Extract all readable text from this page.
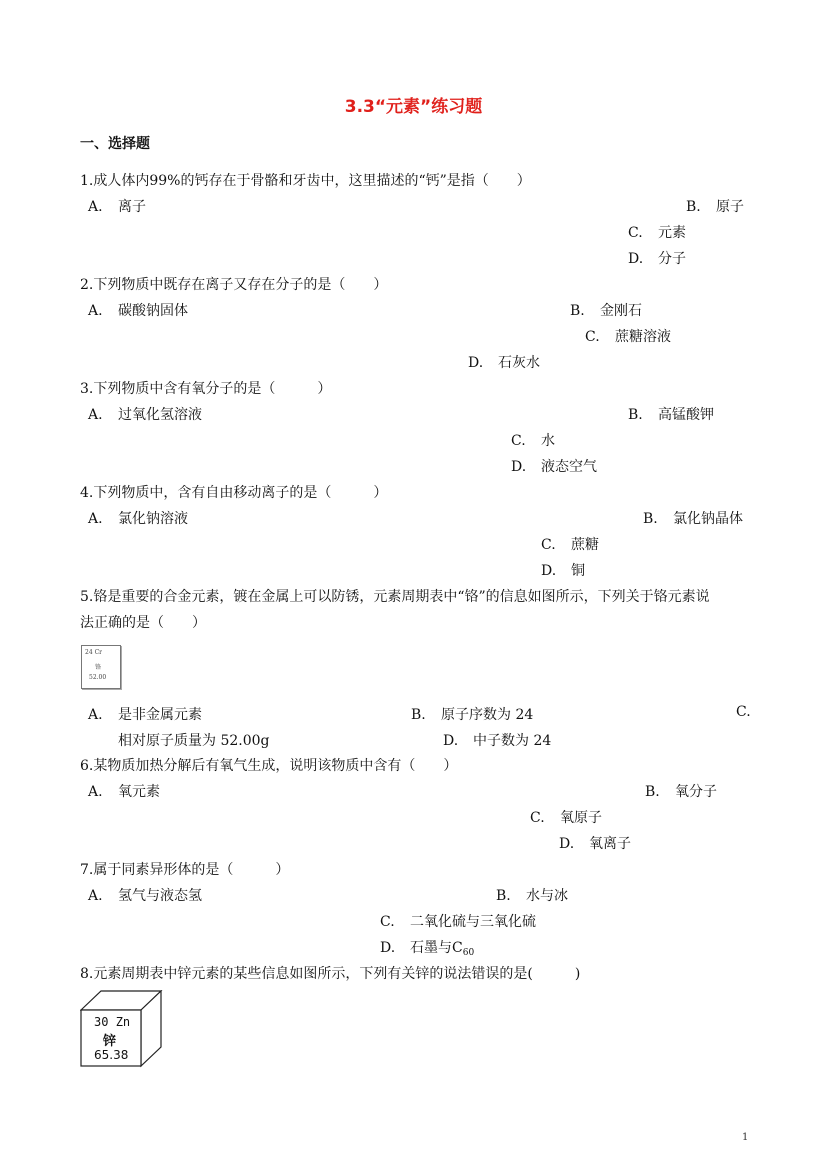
3.3“元素”练习题
一、选择题
1.成人体内99%的钙存在于骨骼和牙齿中，这里描述的“钙”是指（　　）
A. 离子	B. 原子
C. 元素
D. 分子
2.下列物质中既存在离子又存在分子的是（　　）
A. 碳酸钠固体	B. 金刚石
C. 蔗糖溶液
D. 石灰水
3.下列物质中含有氧分子的是（　　　）
A. 过氧化氢溶液	B. 高锰酸钾
C. 水
D. 液态空气
4.下列物质中，含有自由移动离子的是（　　　）
A. 氯化钠溶液	B. 氯化钠晶体
C. 蔗糖
D. 铜
5.铬是重要的合金元素，镀在金属上可以防锈，元素周期表中“铬”的信息如图所示，下列关于铬元素说
法正确的是（　　）
24 Cr
铬
52.00
A. 是非金属元素	B. 原子序数为 24	C.
相对原子质量为 52.00g	D. 中子数为 24
6.某物质加热分解后有氧气生成，说明该物质中含有（　　）
A. 氧元素	B. 氧分子
C. 氧原子
D. 氧离子
7.属于同素异形体的是（　　　）
A. 氢气与液态氢	B. 水与冰
C. 二氧化硫与三氧化硫
D. 石墨与$C_{60}$
8.元素周期表中锌元素的某些信息如图所示，下列有关锌的说法错误的是(　　　)
30 Zn
锌
65.38
1
